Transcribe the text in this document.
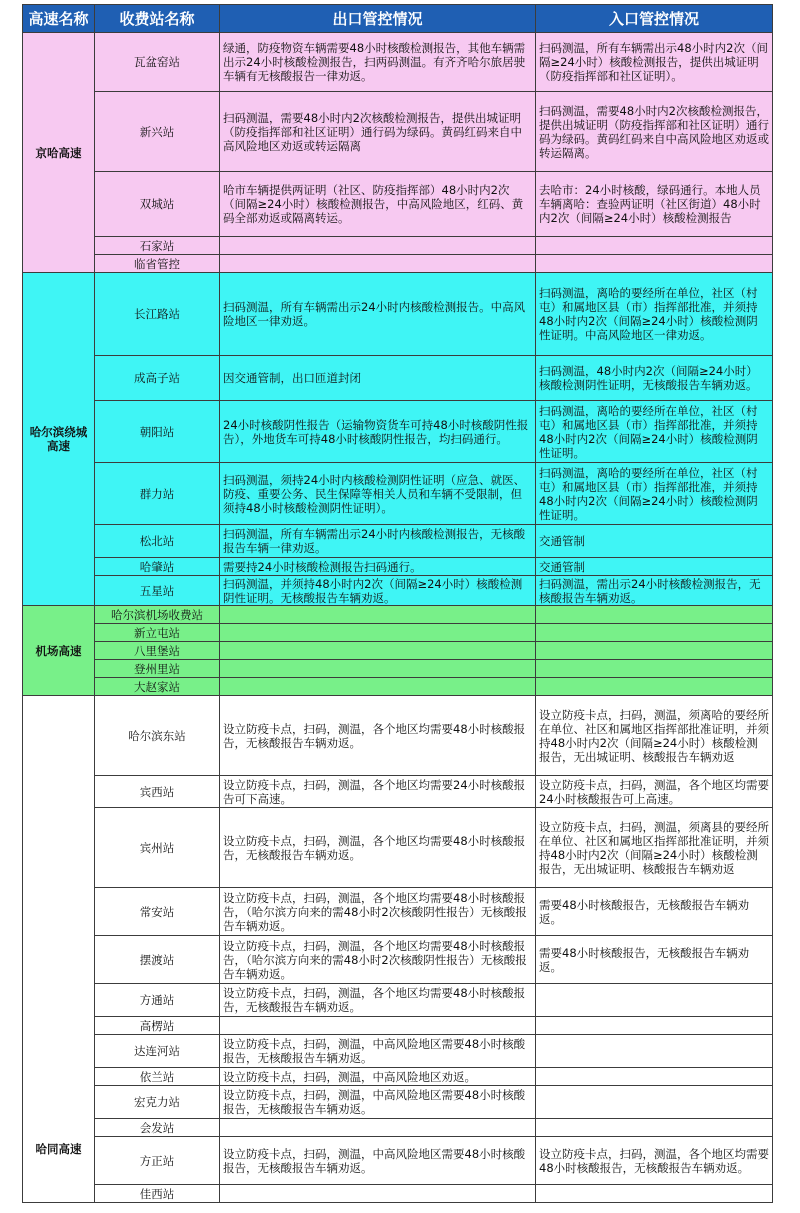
高速名称	收费站名称	出口管控情况	入口管控情况
京哈高速	瓦盆窑站	绿通，防疫物资车辆需要48小时核酸检测报告，其他车辆需出示24小时核酸检测报告，扫两码测温。有齐齐哈尔旅居驶车辆有无核酸报告一律劝返。	扫码测温，所有车辆需出示48小时内2次（间隔≥24小时）核酸检测报告，提供出城证明（防疫指挥部和社区证明）。
	新兴站	扫码测温，需要48小时内2次核酸检测报告，提供出城证明（防疫指挥部和社区证明）通行码为绿码。黄码红码来自中高风险地区劝返或转运隔离	扫码测温，需要48小时内2次核酸检测报告，提供出城证明（防疫指挥部和社区证明）通行码为绿码。黄码红码来自中高风险地区劝返或转运隔离。
	双城站	哈市车辆提供两证明（社区、防疫指挥部）48小时内2次（间隔≥24小时）核酸检测报告，中高风险地区，红码、黄码全部劝返或隔离转运。	去哈市：24小时核酸，绿码通行。本地人员车辆离哈：查验两证明（社区街道）48小时内2次（间隔≥24小时）核酸检测报告
	石家站		
	临省管控		
哈尔滨绕城高速	长江路站	扫码测温，所有车辆需出示24小时内核酸检测报告。中高风险地区一律劝返。	扫码测温，离哈的要经所在单位，社区（村屯）和属地区县（市）指挥部批准，并须持48小时内2次（间隔≥24小时）核酸检测阴性证明。中高风险地区一律劝返。
	成高子站	因交通管制，出口匝道封闭	扫码测温，48小时内2次（间隔≥24小时）核酸检测阴性证明，无核酸报告车辆劝返。
	朝阳站	24小时核酸阴性报告（运输物资货车可持48小时核酸阴性报告），外地货车可持48小时核酸阴性报告，均扫码通行。	扫码测温，离哈的要经所在单位，社区（村屯）和属地区县（市）指挥部批准，并须持48小时内2次（间隔≥24小时）核酸检测阴性证明。
	群力站	扫码测温，须持24小时内核酸检测阴性证明（应急、就医、防疫、重要公务、民生保障等相关人员和车辆不受限制，但须持48小时核酸检测阴性证明）。	扫码测温，离哈的要经所在单位，社区（村屯）和属地区县（市）指挥部批准，并须持48小时内2次（间隔≥24小时）核酸检测阴性证明。
	松北站	扫码测温，所有车辆需出示24小时内核酸检测报告，无核酸报告车辆一律劝返。	交通管制
	哈肇站	需要持24小时核酸检测报告扫码通行。	交通管制
	五星站	扫码测温，并须持48小时内2次（间隔≥24小时）核酸检测阴性证明。无核酸报告车辆劝返。	扫码测温，需出示24小时核酸检测报告，无核酸报告车辆劝返。
机场高速	哈尔滨机场收费站		
	新立屯站		
	八里堡站		
	登州里站		
	大赵家站		
哈同高速	哈尔滨东站	设立防疫卡点，扫码，测温，各个地区均需要48小时核酸报告，无核酸报告车辆劝返。	设立防疫卡点，扫码，测温，须离哈的要经所在单位、社区和属地区指挥部批准证明，并须持48小时内2次（间隔≥24小时）核酸检测报告，无出城证明、核酸报告车辆劝返
	宾西站	设立防疫卡点，扫码，测温，各个地区均需要24小时核酸报告可下高速。	设立防疫卡点，扫码，测温，各个地区均需要24小时核酸报告可上高速。
	宾州站	设立防疫卡点，扫码，测温，各个地区均需要48小时核酸报告，无核酸报告车辆劝返。	设立防疫卡点，扫码，测温，须离县的要经所在单位、社区和属地区指挥部批准证明，并须持48小时内2次（间隔≥24小时）核酸检测报告，无出城证明、核酸报告车辆劝返
	常安站	设立防疫卡点，扫码，测温，各个地区均需要48小时核酸报告，（哈尔滨方向来的需48小时2次核酸阴性报告）无核酸报告车辆劝返。	需要48小时核酸报告，无核酸报告车辆劝返。
	摆渡站	设立防疫卡点，扫码，测温，各个地区均需要48小时核酸报告，（哈尔滨方向来的需48小时2次核酸阴性报告）无核酸报告车辆劝返。	需要48小时核酸报告，无核酸报告车辆劝返。
	方通站	设立防疫卡点，扫码，测温，各个地区均需要48小时核酸报告，无核酸报告车辆劝返。	
	高楞站		
	达连河站	设立防疫卡点，扫码，测温，中高风险地区需要48小时核酸报告，无核酸报告车辆劝返。	
	依兰站	设立防疫卡点，扫码，测温，中高风险地区劝返。	
	宏克力站	设立防疫卡点，扫码，测温，中高风险地区需要48小时核酸报告，无核酸报告车辆劝返。	
	会发站		
	方正站	设立防疫卡点，扫码，测温，中高风险地区需要48小时核酸报告，无核酸报告车辆劝返。	设立防疫卡点，扫码，测温，各个地区均需要48小时核酸报告，无核酸报告车辆劝返。
	佳西站		
